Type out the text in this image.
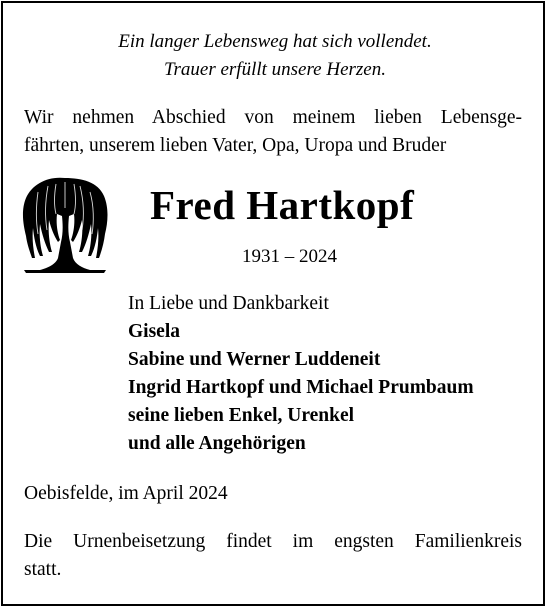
Ein langer Lebensweg hat sich vollendet.
Trauer erfüllt unsere Herzen.
Wir nehmen Abschied von meinem lieben Lebensge-
fährten, unserem lieben Vater, Opa, Uropa und Bruder
Fred Hartkopf
1931 – 2024
In Liebe und Dankbarkeit
Gisela
Sabine und Werner Luddeneit
Ingrid Hartkopf und Michael Prumbaum
seine lieben Enkel, Urenkel
und alle Angehörigen
Oebisfelde, im April 2024
Die Urnenbeisetzung findet im engsten Familienkreis
statt.
